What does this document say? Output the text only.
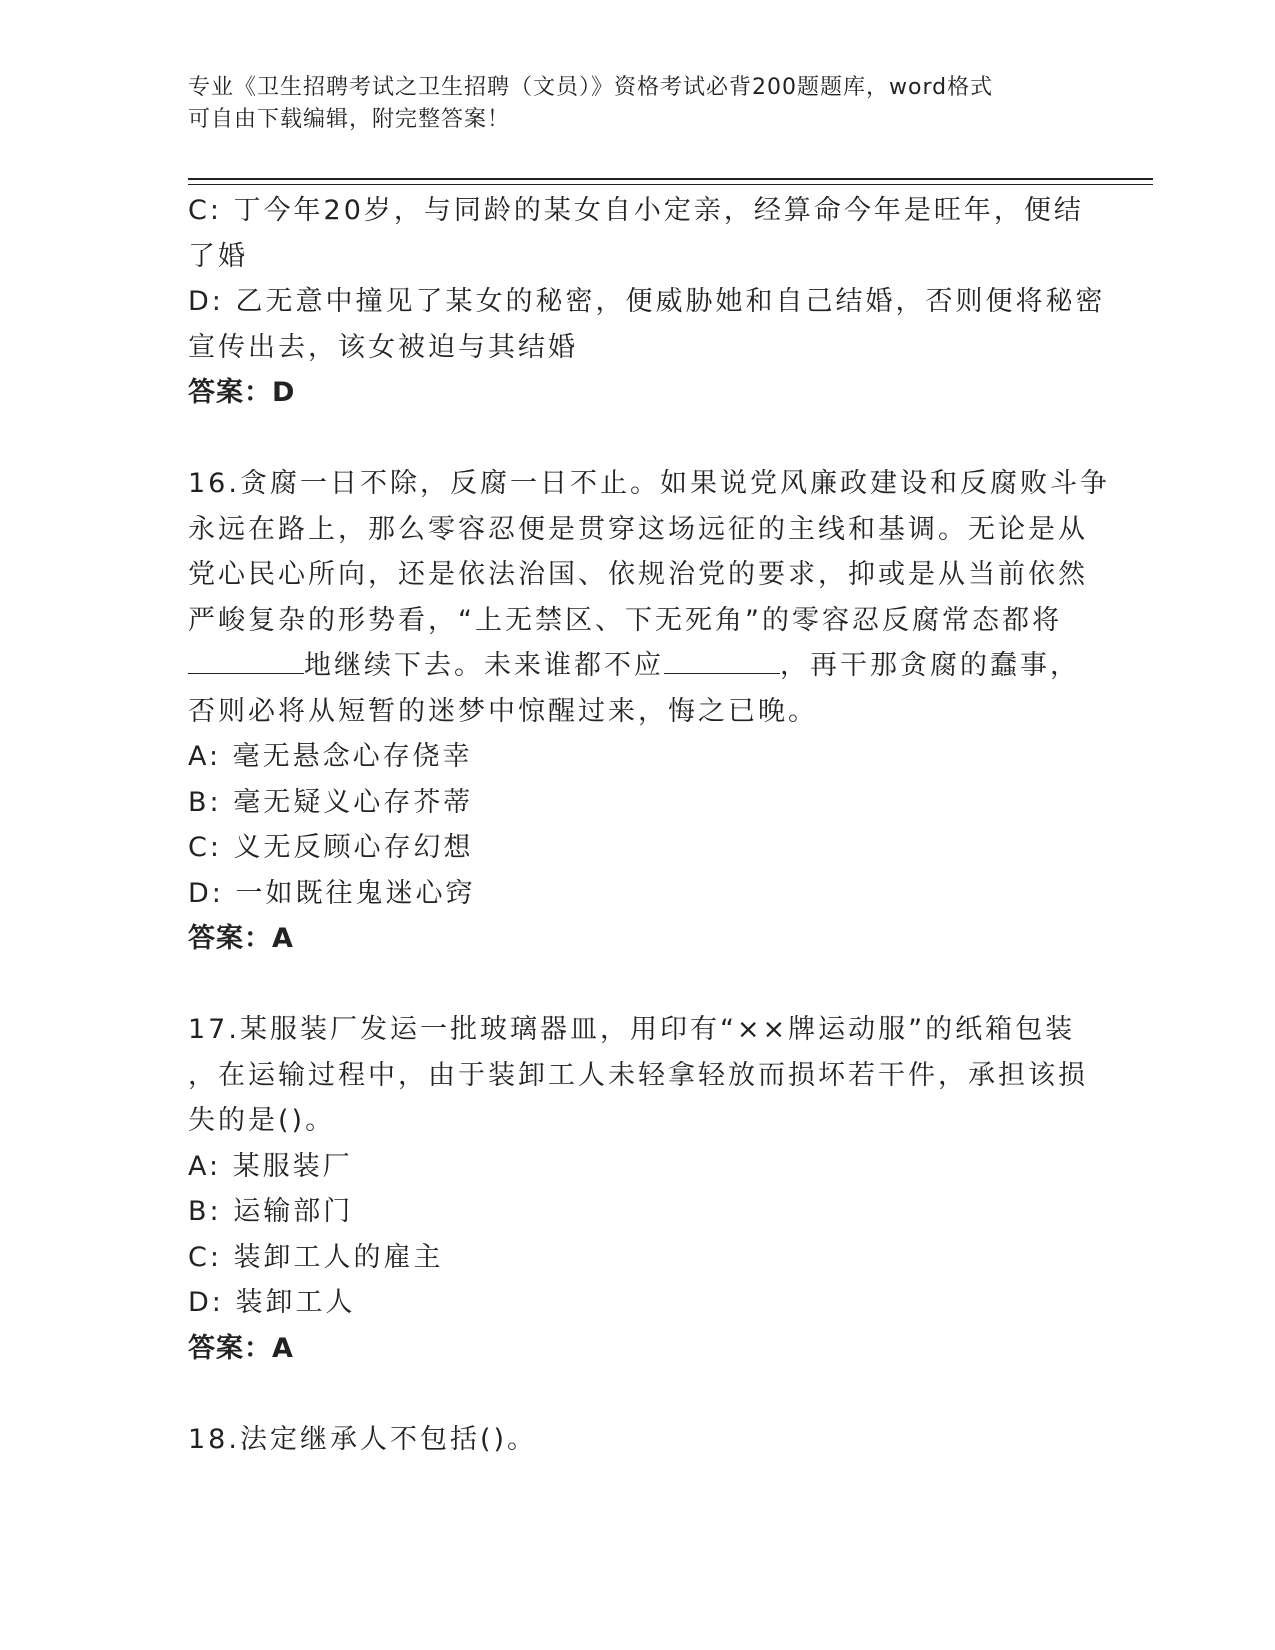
专业《卫生招聘考试之卫生招聘（文员）》资格考试必背200题题库，word格式
可自由下载编辑，附完整答案！
C: 丁今年20岁，与同龄的某女自小定亲，经算命今年是旺年，便结
了婚
D: 乙无意中撞见了某女的秘密，便威胁她和自己结婚，否则便将秘密
宣传出去，该女被迫与其结婚
答案：D
16.贪腐一日不除，反腐一日不止。如果说党风廉政建设和反腐败斗争
永远在路上，那么零容忍便是贯穿这场远征的主线和基调。无论是从
党心民心所向，还是依法治国、依规治党的要求，抑或是从当前依然
严峻复杂的形势看，“上无禁区、下无死角”的零容忍反腐常态都将
地继续下去。未来谁都不应	，再干那贪腐的蠢事，
否则必将从短暂的迷梦中惊醒过来，悔之已晚。
A: 毫无悬念心存侥幸
B: 毫无疑义心存芥蒂
C: 义无反顾心存幻想
D: 一如既往鬼迷心窍
答案：A
17.某服装厂发运一批玻璃器皿，用印有“××牌运动服”的纸箱包装
，在运输过程中，由于装卸工人未轻拿轻放而损坏若干件，承担该损
失的是()。
A: 某服装厂
B: 运输部门
C: 装卸工人的雇主
D: 装卸工人
答案：A
18.法定继承人不包括()。
